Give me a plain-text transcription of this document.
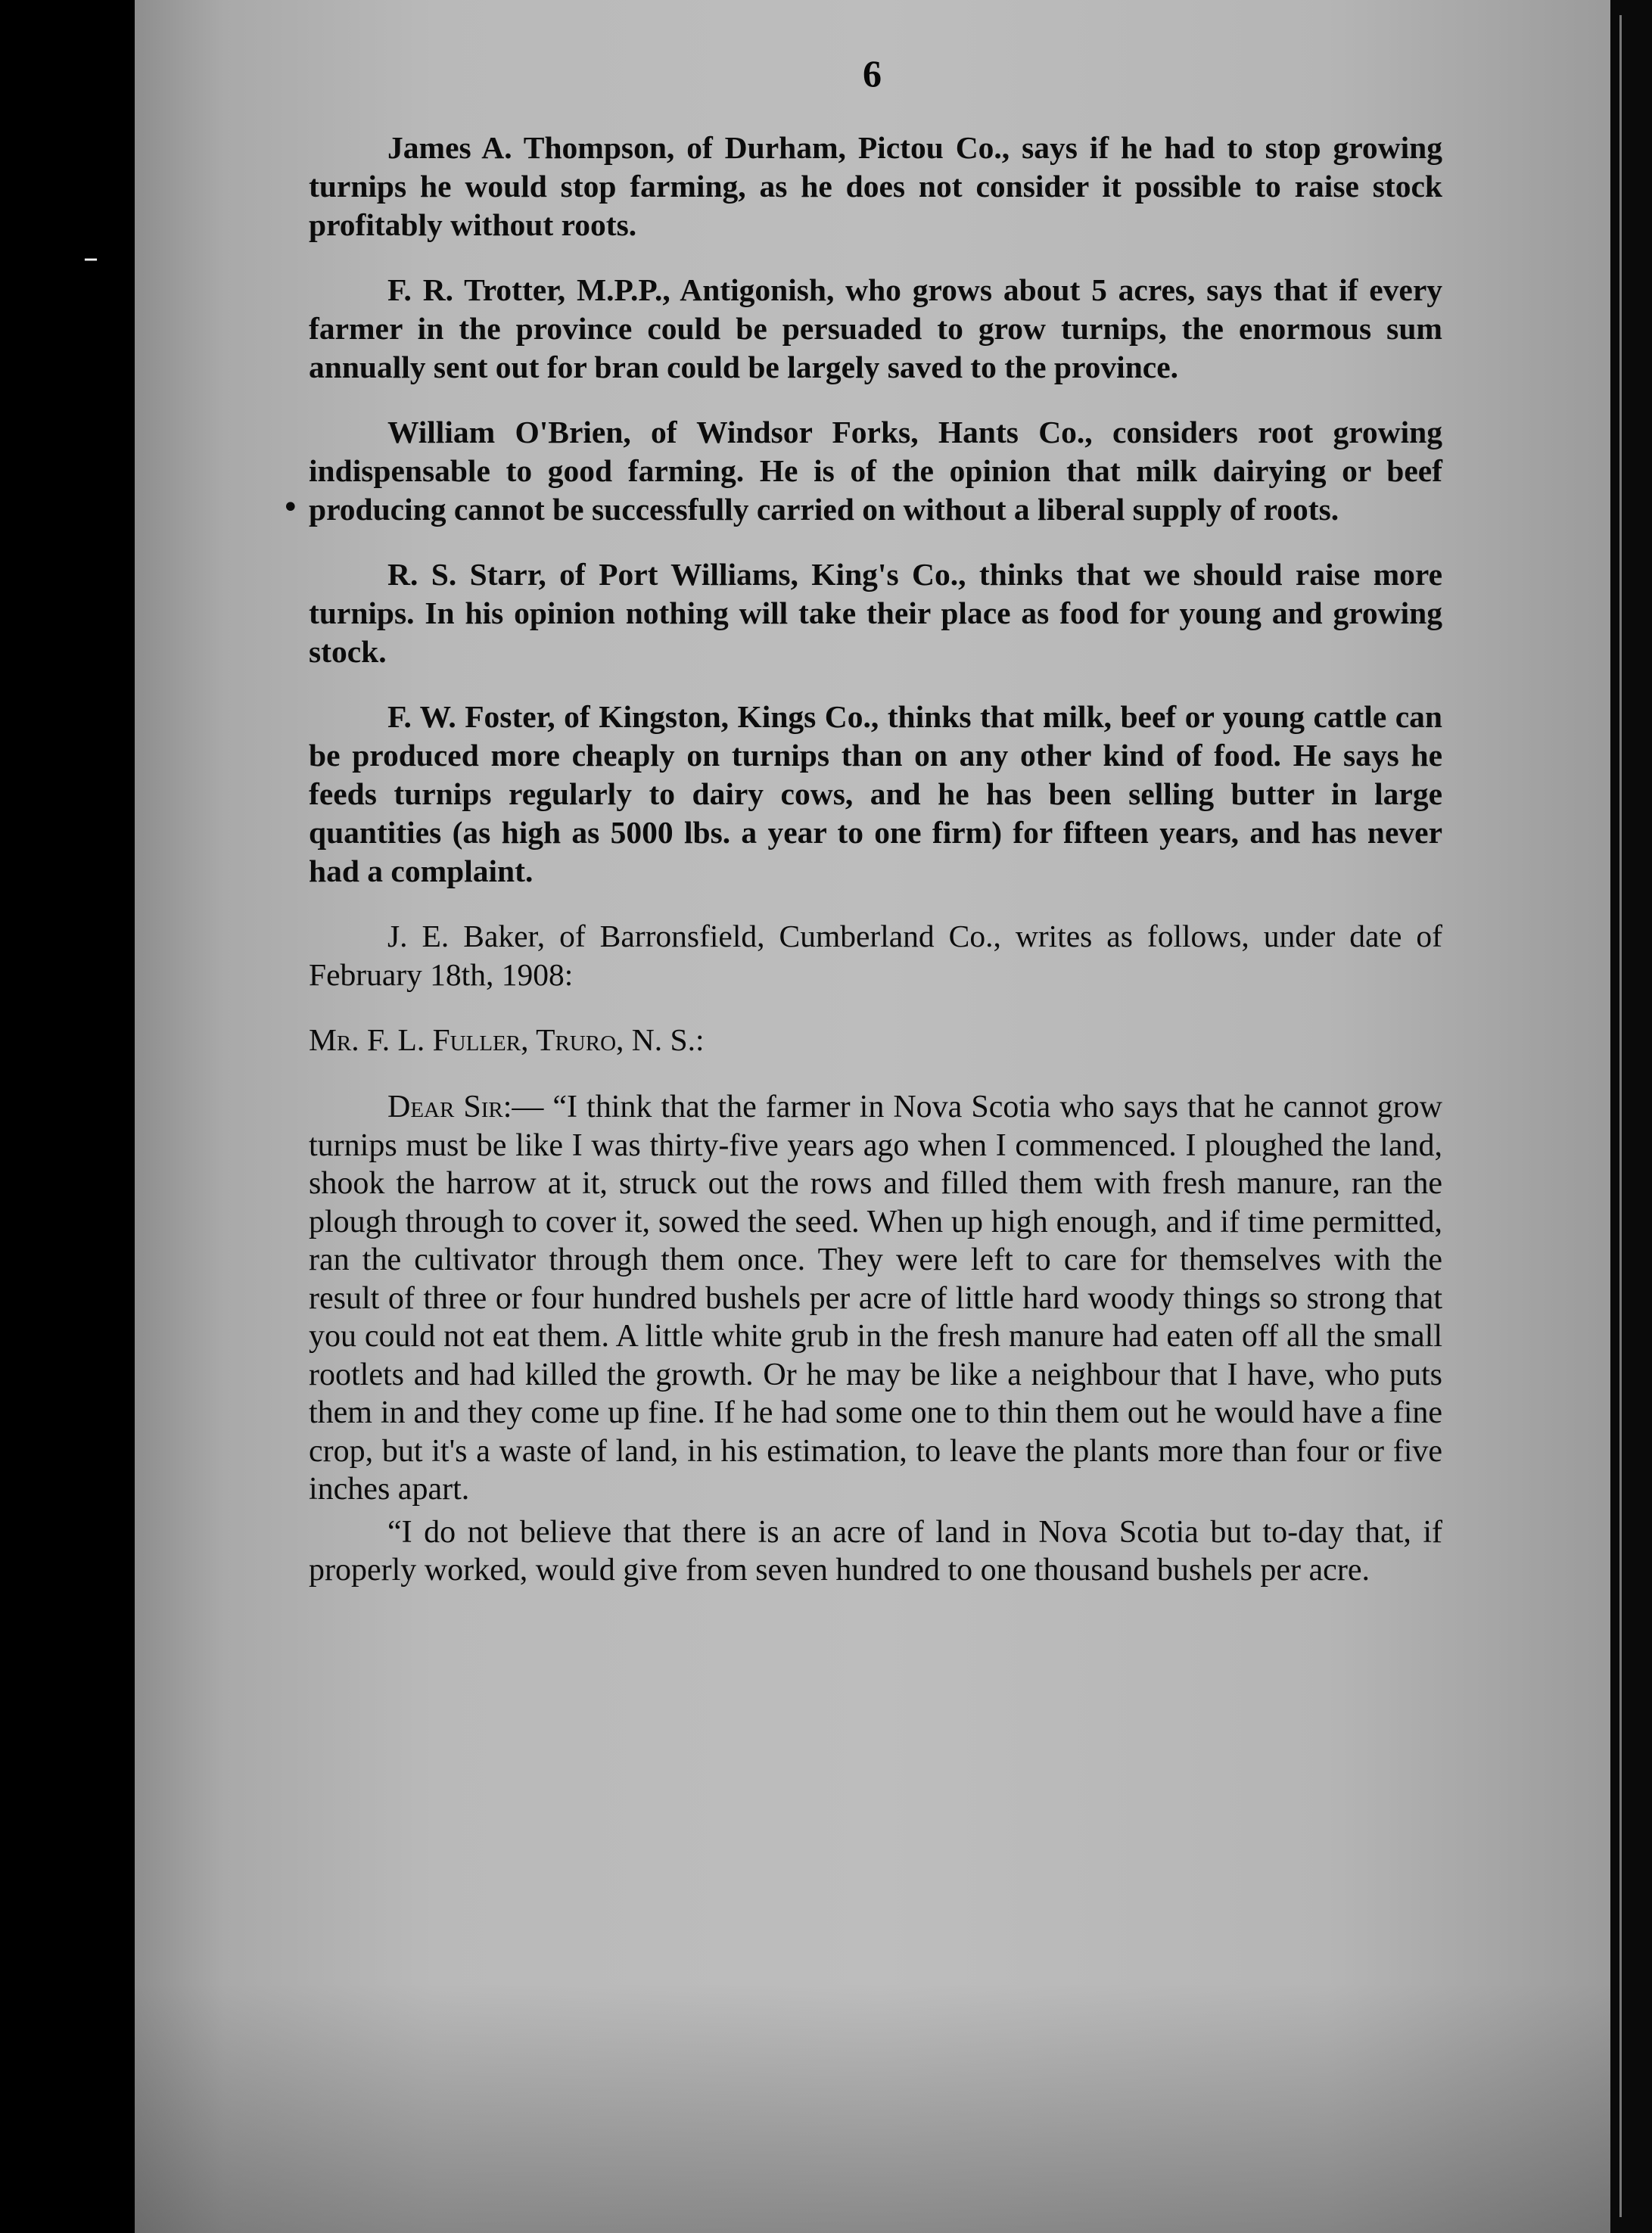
–
•
6

James A. Thompson, of Durham, Pictou Co., says if he had to stop growing turnips he would stop farming, as he does not consider it possible to raise stock profitably without roots.

F. R. Trotter, M.P.P., Antigonish, who grows about 5 acres, says that if every farmer in the province could be persuaded to grow turnips, the enormous sum annually sent out for bran could be largely saved to the province.

William O'Brien, of Windsor Forks, Hants Co., considers root growing indispensable to good farming. He is of the opinion that milk dairying or beef producing cannot be successfully carried on without a liberal supply of roots.

R. S. Starr, of Port Williams, King's Co., thinks that we should raise more turnips. In his opinion nothing will take their place as food for young and growing stock.

F. W. Foster, of Kingston, Kings Co., thinks that milk, beef or young cattle can be produced more cheaply on turnips than on any other kind of food. He says he feeds turnips regularly to dairy cows, and he has been selling butter in large quantities (as high as 5000 lbs. a year to one firm) for fifteen years, and has never had a complaint.

J. E. Baker, of Barronsfield, Cumberland Co., writes as follows, under date of February 18th, 1908:

Mr. F. L. Fuller, Truro, N. S.:

Dear Sir:— “I think that the farmer in Nova Scotia who says that he cannot grow turnips must be like I was thirty-five years ago when I commenced. I ploughed the land, shook the harrow at it, struck out the rows and filled them with fresh manure, ran the plough through to cover it, sowed the seed. When up high enough, and if time permitted, ran the cultivator through them once. They were left to care for themselves with the result of three or four hundred bushels per acre of little hard woody things so strong that you could not eat them. A little white grub in the fresh manure had eaten off all the small rootlets and had killed the growth. Or he may be like a neighbour that I have, who puts them in and they come up fine. If he had some one to thin them out he would have a fine crop, but it's a waste of land, in his estimation, to leave the plants more than four or five inches apart.

“I do not believe that there is an acre of land in Nova Scotia but to-day that, if properly worked, would give from seven hundred to one thousand bushels per acre.
